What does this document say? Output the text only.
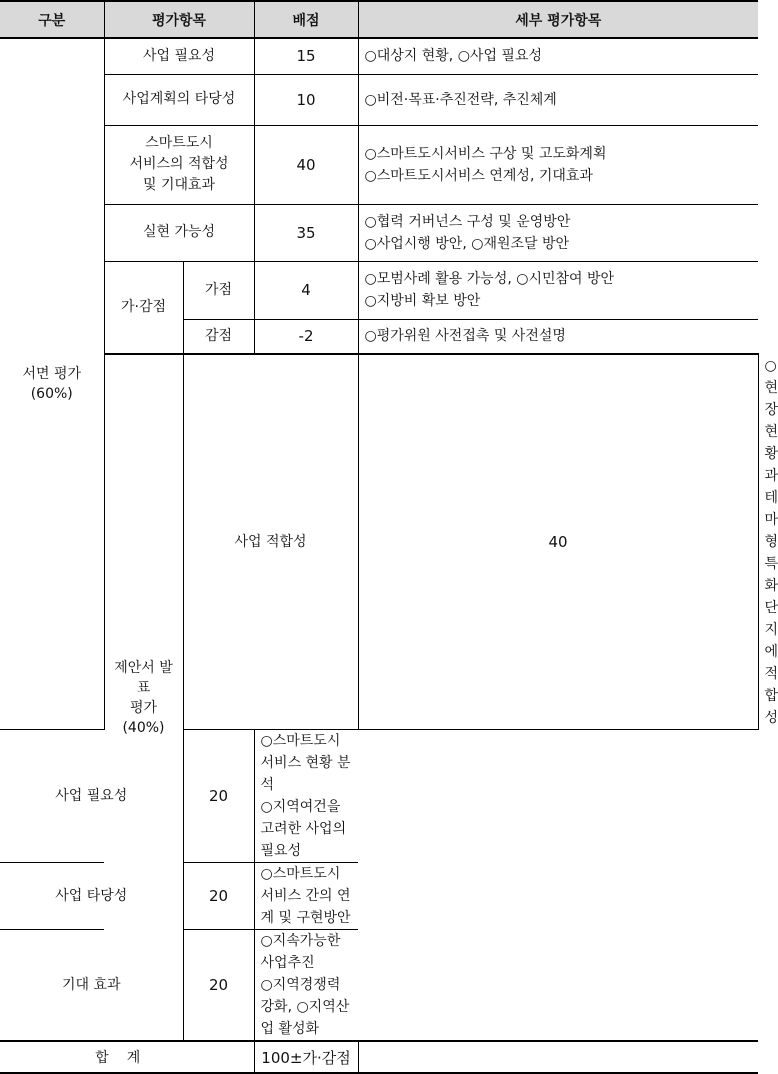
구분	평가항목		배점	세부 평가항목	
서면 평가
(60%)	사업 필요성		15	○대상지 현황, ○사업 필요성	

	사업계획의 타당성		10	○비전·목표·추진전략, 추진체계	

	스마트도시
서비스의 적합성
및 기대효과		40	○스마트도시서비스 구상 및 고도화계획
○스마트도시서비스 연계성, 기대효과	

	실현 가능성		35	○협력 거버넌스 구성 및 운영방안
○사업시행 방안, ○재원조달 방안	

	가·감점	가점	4	○모범사례 활용 가능성, ○시민참여 방안
○지방비 확보 방안	

		감점	-2	○평가위원 사전접촉 및 사전설명	

	제안서 발표
평가(40%)	사업 적합성		40	○현장현황과 테마형 특화단지에 적합성

사업 필요성		20	○스마트도시서비스 현황 분석
○지역여건을 고려한 사업의 필요성		

사업 타당성		20	○스마트도시서비스 간의 연계 및 구현방안		

기대 효과		20	○지속가능한 사업추진
○지역경쟁력 강화, ○지역산업 활성화		

합계			100±가·감점		
